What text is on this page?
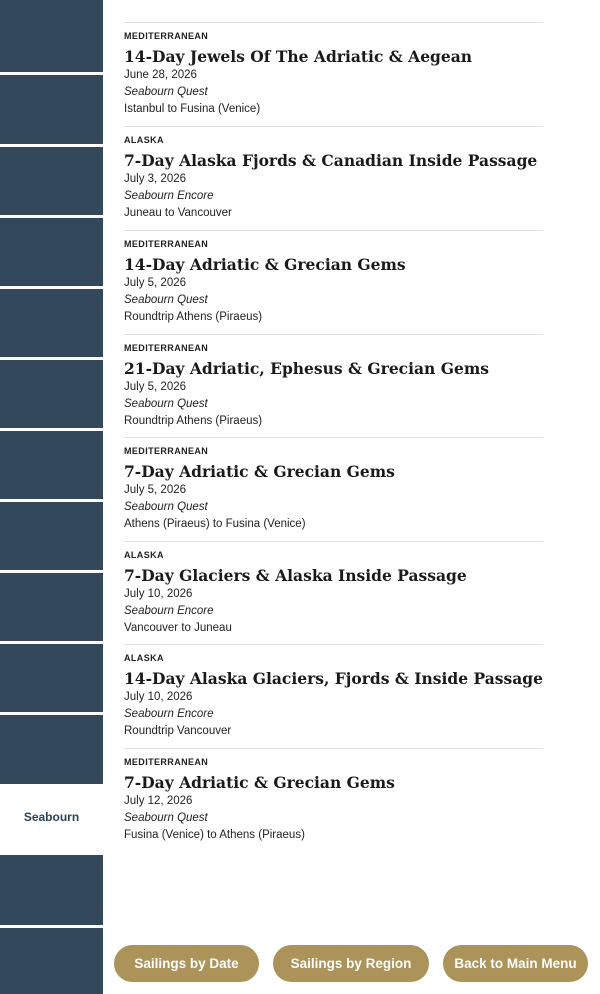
Seabourn
MEDITERRANEAN
14-Day Jewels Of The Adriatic & Aegean
June 28, 2026
Seabourn Quest
Istanbul to Fusina (Venice)
ALASKA
7-Day Alaska Fjords & Canadian Inside Passage
July 3, 2026
Seabourn Encore
Juneau to Vancouver
MEDITERRANEAN
14-Day Adriatic & Grecian Gems
July 5, 2026
Seabourn Quest
Roundtrip Athens (Piraeus)
MEDITERRANEAN
21-Day Adriatic, Ephesus & Grecian Gems
July 5, 2026
Seabourn Quest
Roundtrip Athens (Piraeus)
MEDITERRANEAN
7-Day Adriatic & Grecian Gems
July 5, 2026
Seabourn Quest
Athens (Piraeus) to Fusina (Venice)
ALASKA
7-Day Glaciers & Alaska Inside Passage
July 10, 2026
Seabourn Encore
Vancouver to Juneau
ALASKA
14-Day Alaska Glaciers, Fjords & Inside Passage
July 10, 2026
Seabourn Encore
Roundtrip Vancouver
MEDITERRANEAN
7-Day Adriatic & Grecian Gems
July 12, 2026
Seabourn Quest
Fusina (Venice) to Athens (Piraeus)
Sailings by Date	Sailings by Region	Back to Main Menu
